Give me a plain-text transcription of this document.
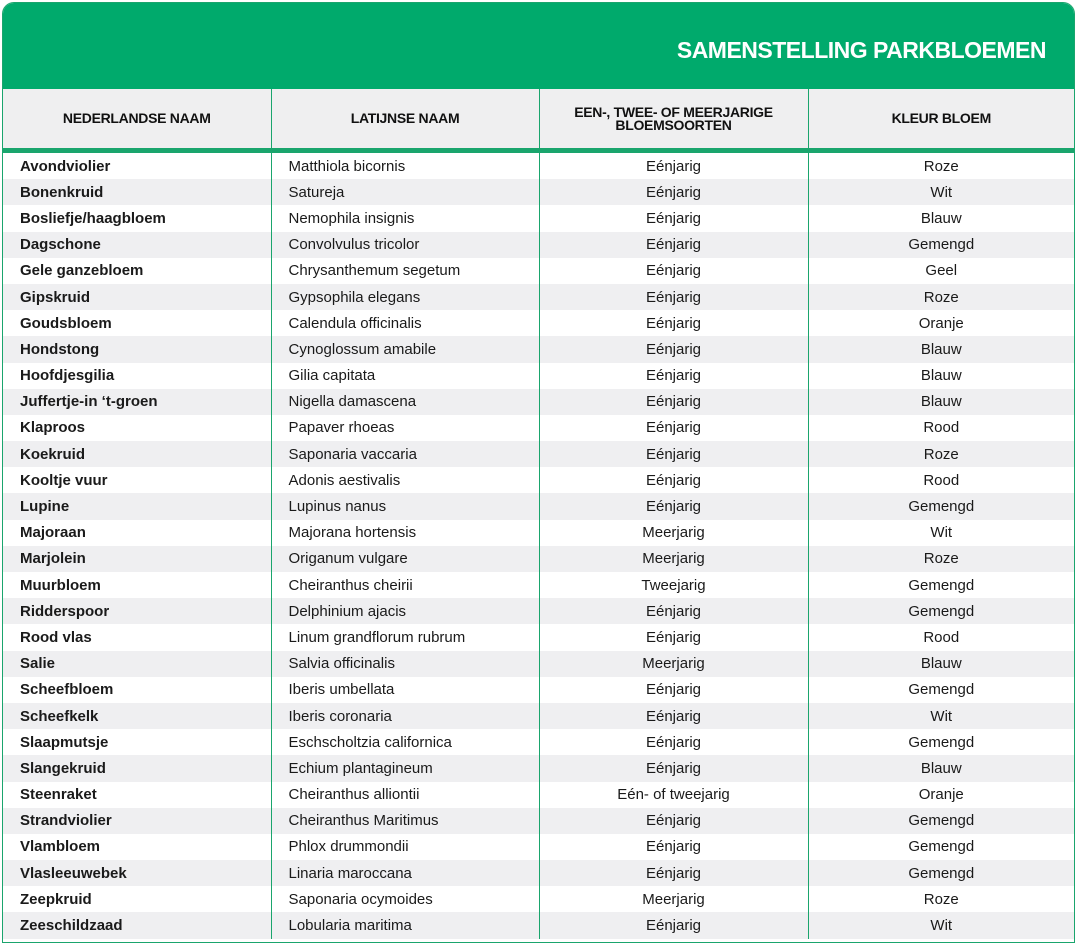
SAMENSTELLING PARKBLOEMEN
NEDERLANDSE NAAM	LATIJNSE NAAM	EEN-, TWEE- OF MEERJARIGE BLOEMSOORTEN	KLEUR BLOEM
Avondviolier	Matthiola bicornis	Eénjarig	Roze
Bonenkruid	Satureja	Eénjarig	Wit
Bosliefje/haagbloem	Nemophila insignis	Eénjarig	Blauw
Dagschone	Convolvulus tricolor	Eénjarig	Gemengd
Gele ganzebloem	Chrysanthemum segetum	Eénjarig	Geel
Gipskruid	Gypsophila elegans	Eénjarig	Roze
Goudsbloem	Calendula officinalis	Eénjarig	Oranje
Hondstong	Cynoglossum amabile	Eénjarig	Blauw
Hoofdjesgilia	Gilia capitata	Eénjarig	Blauw
Juffertje-in ‘t-groen	Nigella damascena	Eénjarig	Blauw
Klaproos	Papaver rhoeas	Eénjarig	Rood
Koekruid	Saponaria vaccaria	Eénjarig	Roze
Kooltje vuur	Adonis aestivalis	Eénjarig	Rood
Lupine	Lupinus nanus	Eénjarig	Gemengd
Majoraan	Majorana hortensis	Meerjarig	Wit
Marjolein	Origanum vulgare	Meerjarig	Roze
Muurbloem	Cheiranthus cheirii	Tweejarig	Gemengd
Ridderspoor	Delphinium ajacis	Eénjarig	Gemengd
Rood vlas	Linum grandflorum rubrum	Eénjarig	Rood
Salie	Salvia officinalis	Meerjarig	Blauw
Scheefbloem	Iberis umbellata	Eénjarig	Gemengd
Scheefkelk	Iberis coronaria	Eénjarig	Wit
Slaapmutsje	Eschscholtzia californica	Eénjarig	Gemengd
Slangekruid	Echium plantagineum	Eénjarig	Blauw
Steenraket	Cheiranthus alliontii	Eén- of tweejarig	Oranje
Strandviolier	Cheiranthus Maritimus	Eénjarig	Gemengd
Vlambloem	Phlox drummondii	Eénjarig	Gemengd
Vlasleeuwebek	Linaria maroccana	Eénjarig	Gemengd
Zeepkruid	Saponaria ocymoides	Meerjarig	Roze
Zeeschildzaad	Lobularia maritima	Eénjarig	Wit
